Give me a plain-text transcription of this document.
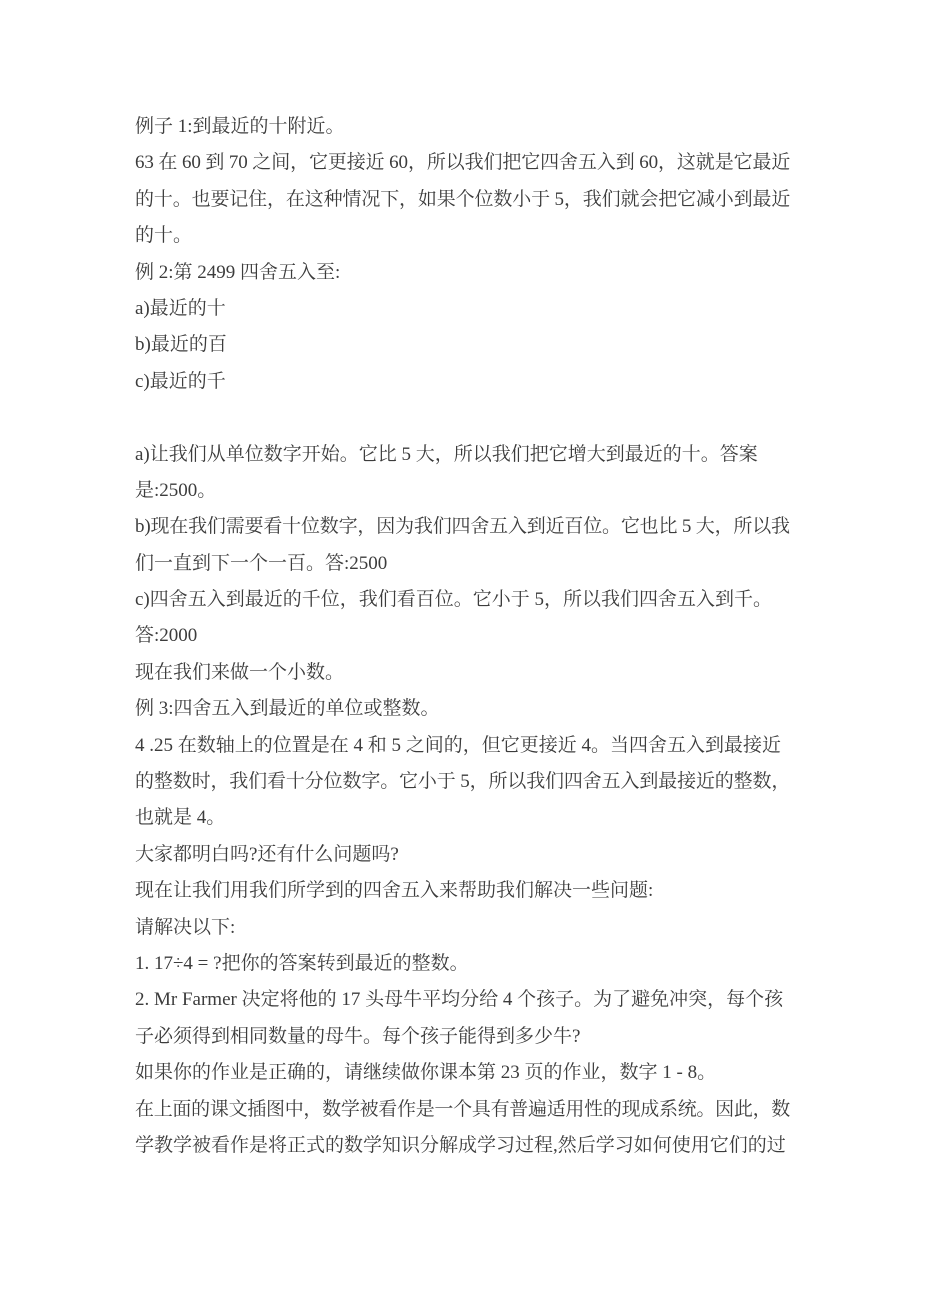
例子 1:到最近的十附近。
63 在 60 到 70 之间，它更接近 60，所以我们把它四舍五入到 60，这就是它最近
的十。也要记住，在这种情况下，如果个位数小于 5，我们就会把它减小到最近
的十。
例 2:第 2499 四舍五入至:
a)最近的十
b)最近的百
c)最近的千
a)让我们从单位数字开始。它比 5 大，所以我们把它增大到最近的十。答案
是:2500。
b)现在我们需要看十位数字，因为我们四舍五入到近百位。它也比 5 大，所以我
们一直到下一个一百。答:2500
c)四舍五入到最近的千位，我们看百位。它小于 5，所以我们四舍五入到千。
答:2000
现在我们来做一个小数。
例 3:四舍五入到最近的单位或整数。
4 .25 在数轴上的位置是在 4 和 5 之间的，但它更接近 4。当四舍五入到最接近
的整数时，我们看十分位数字。它小于 5，所以我们四舍五入到最接近的整数，
也就是 4。
大家都明白吗?还有什么问题吗?
现在让我们用我们所学到的四舍五入来帮助我们解决一些问题:
请解决以下:
1. 17÷4 = ?把你的答案转到最近的整数。
2. Mr Farmer 决定将他的 17 头母牛平均分给 4 个孩子。为了避免冲突，每个孩
子必须得到相同数量的母牛。每个孩子能得到多少牛?
如果你的作业是正确的，请继续做你课本第 23 页的作业，数字 1 - 8。
在上面的课文插图中，数学被看作是一个具有普遍适用性的现成系统。因此，数
学教学被看作是将正式的数学知识分解成学习过程,然后学习如何使用它们的过
